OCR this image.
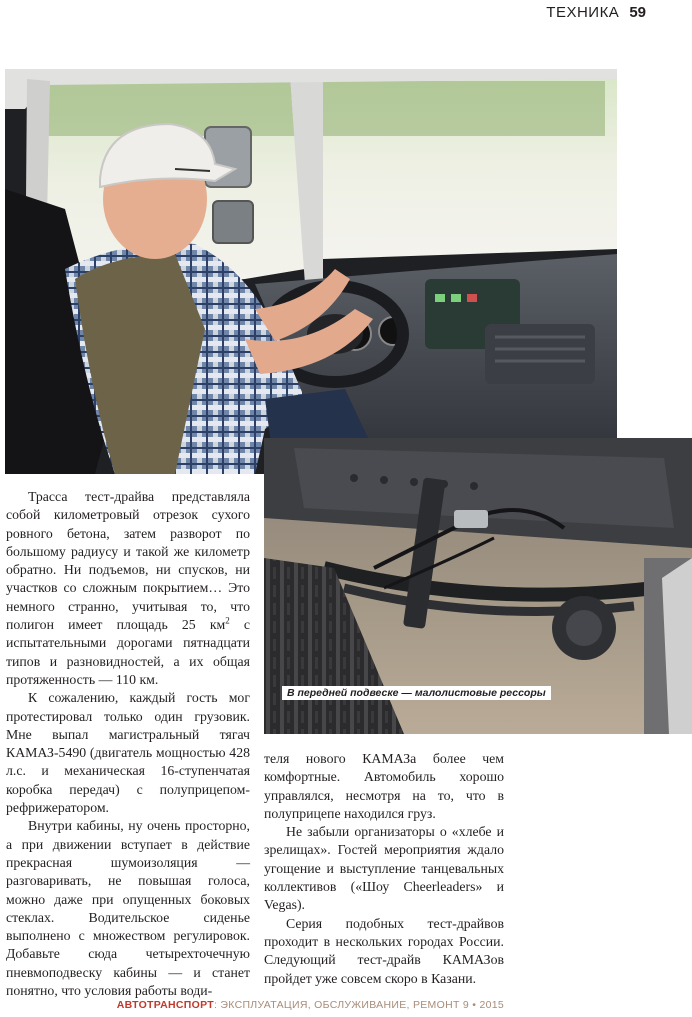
ТЕХНИКА 59
В передней подвеске — малолистовые рессоры

Трасса тест-драйва представляла собой километровый отрезок сухого ровного бетона, затем разворот по большому радиусу и такой же километр обратно. Ни подъемов, ни спусков, ни участков со сложным покрытием… Это немного странно, учитывая то, что полигон имеет площадь 25 $км^2$ с испытательными дорогами пятнадцати типов и разновидностей, а их общая протяженность — 110 км.

К сожалению, каждый гость мог протестировал только один грузовик. Мне выпал магистральный тягач КАМАЗ-5490 (двигатель мощностью 428 л.с. и механическая 16-ступенчатая коробка передач) с полуприцепом-рефрижератором.

Внутри кабины, ну очень просторно, а при движении вступает в действие прекрасная шумоизоляция — разговаривать, не повышая голоса, можно даже при опущенных боковых стеклах. Водительское сиденье выполнено с множеством регулировок. Добавьте сюда четырехточечную пневмоподвеску кабины — и станет понятно, что условия работы води-

теля нового КАМАЗа более чем комфортные. Автомобиль хорошо управлялся, несмотря на то, что в полуприцепе находился груз.

Не забыли организаторы о «хлебе и зрелищах». Гостей мероприятия ждало угощение и выступление танцевальных коллективов («Шоу Cheerleaders» и Vegas).

Серия подобных тест-драйвов проходит в нескольких городах России. Следующий тест-драйв КАМАЗов пройдет уже совсем скоро в Казани.

АВТОТРАНСПОРТ: ЭКСПЛУАТАЦИЯ, ОБСЛУЖИВАНИЕ, РЕМОНТ 9 • 2015
